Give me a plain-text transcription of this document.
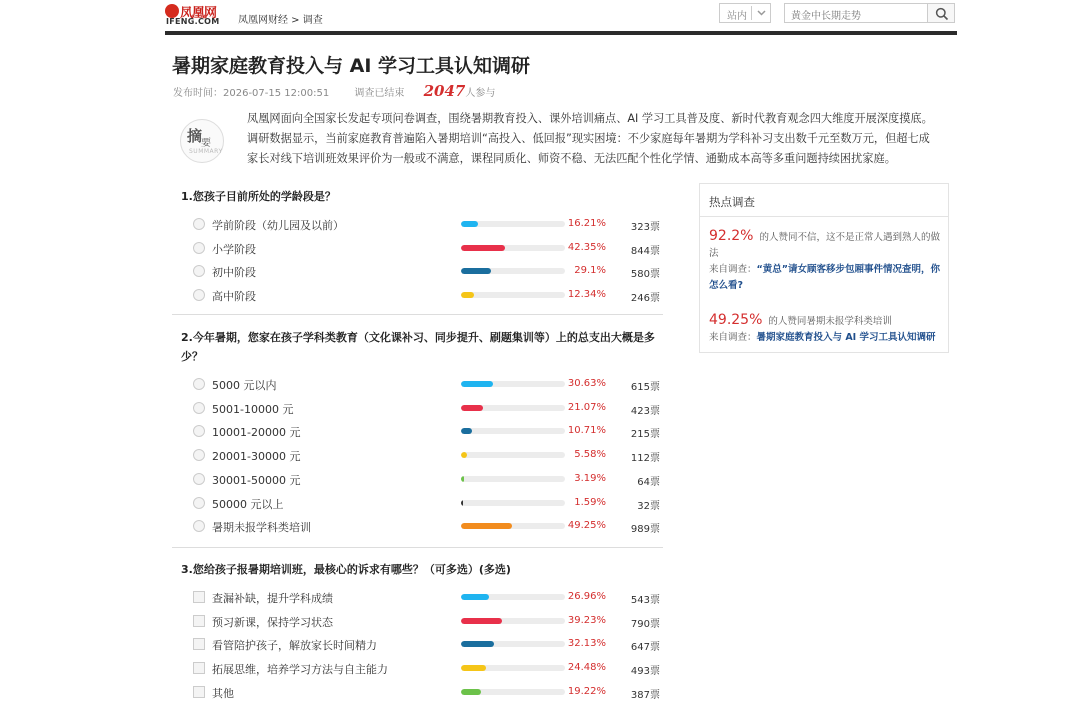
凤凰网
IFENG.COM 凤凰网财经 > 调查	站内
黄金中长期走势
暑期家庭教育投入与 AI 学习工具认知调研
发布时间：2026-07-15 12:00:51	调查已结束 2047人参与
摘
要
SUMMARY

凤凰网面向全国家长发起专项问卷调查，围绕暑期教育投入、课外培训痛点、AI 学习工具普及度、新时代教育观念四大维度开展深度摸底。调研数据显示，当前家庭教育普遍陷入暑期培训“高投入、低回报”现实困境：不少家庭每年暑期为学科补习支出数千元至数万元，但超七成家长对线下培训班效果评价为一般或不满意，课程同质化、师资不稳、无法匹配个性化学情、通勤成本高等多重问题持续困扰家庭。

1.您孩子目前所处的学龄段是？
学前阶段（幼儿园及以前）	16.21% 323票
小学阶段	42.35% 844票
初中阶段	29.1% 580票
高中阶段	12.34% 246票
2.今年暑期，您家在孩子学科类教育（文化课补习、同步提升、刷题集训等）上的总支出大概是多少？
5000 元以内	30.63% 615票
5001-10000 元	21.07% 423票
10001-20000 元	10.71% 215票
20001-30000 元	5.58% 112票
30001-50000 元	3.19%	64票
50000 元以上	1.59%	32票
暑期未报学科类培训	49.25% 989票
3.您给孩子报暑期培训班，最核心的诉求有哪些？（可多选）(多选)
查漏补缺，提升学科成绩	26.96% 543票
预习新课，保持学习状态	39.23% 790票
看管陪护孩子，解放家长时间精力	32.13% 647票
拓展思维，培养学习方法与自主能力	24.48% 493票
其他	19.22% 387票
热点调查
92.2% 的人赞同不信，这不是正常人遇到熟人的做法
来自调查：“黄总”请女顾客移步包厢事件情况查明，你怎么看?
49.25% 的人赞同暑期未报学科类培训
来自调查：暑期家庭教育投入与 AI 学习工具认知调研
